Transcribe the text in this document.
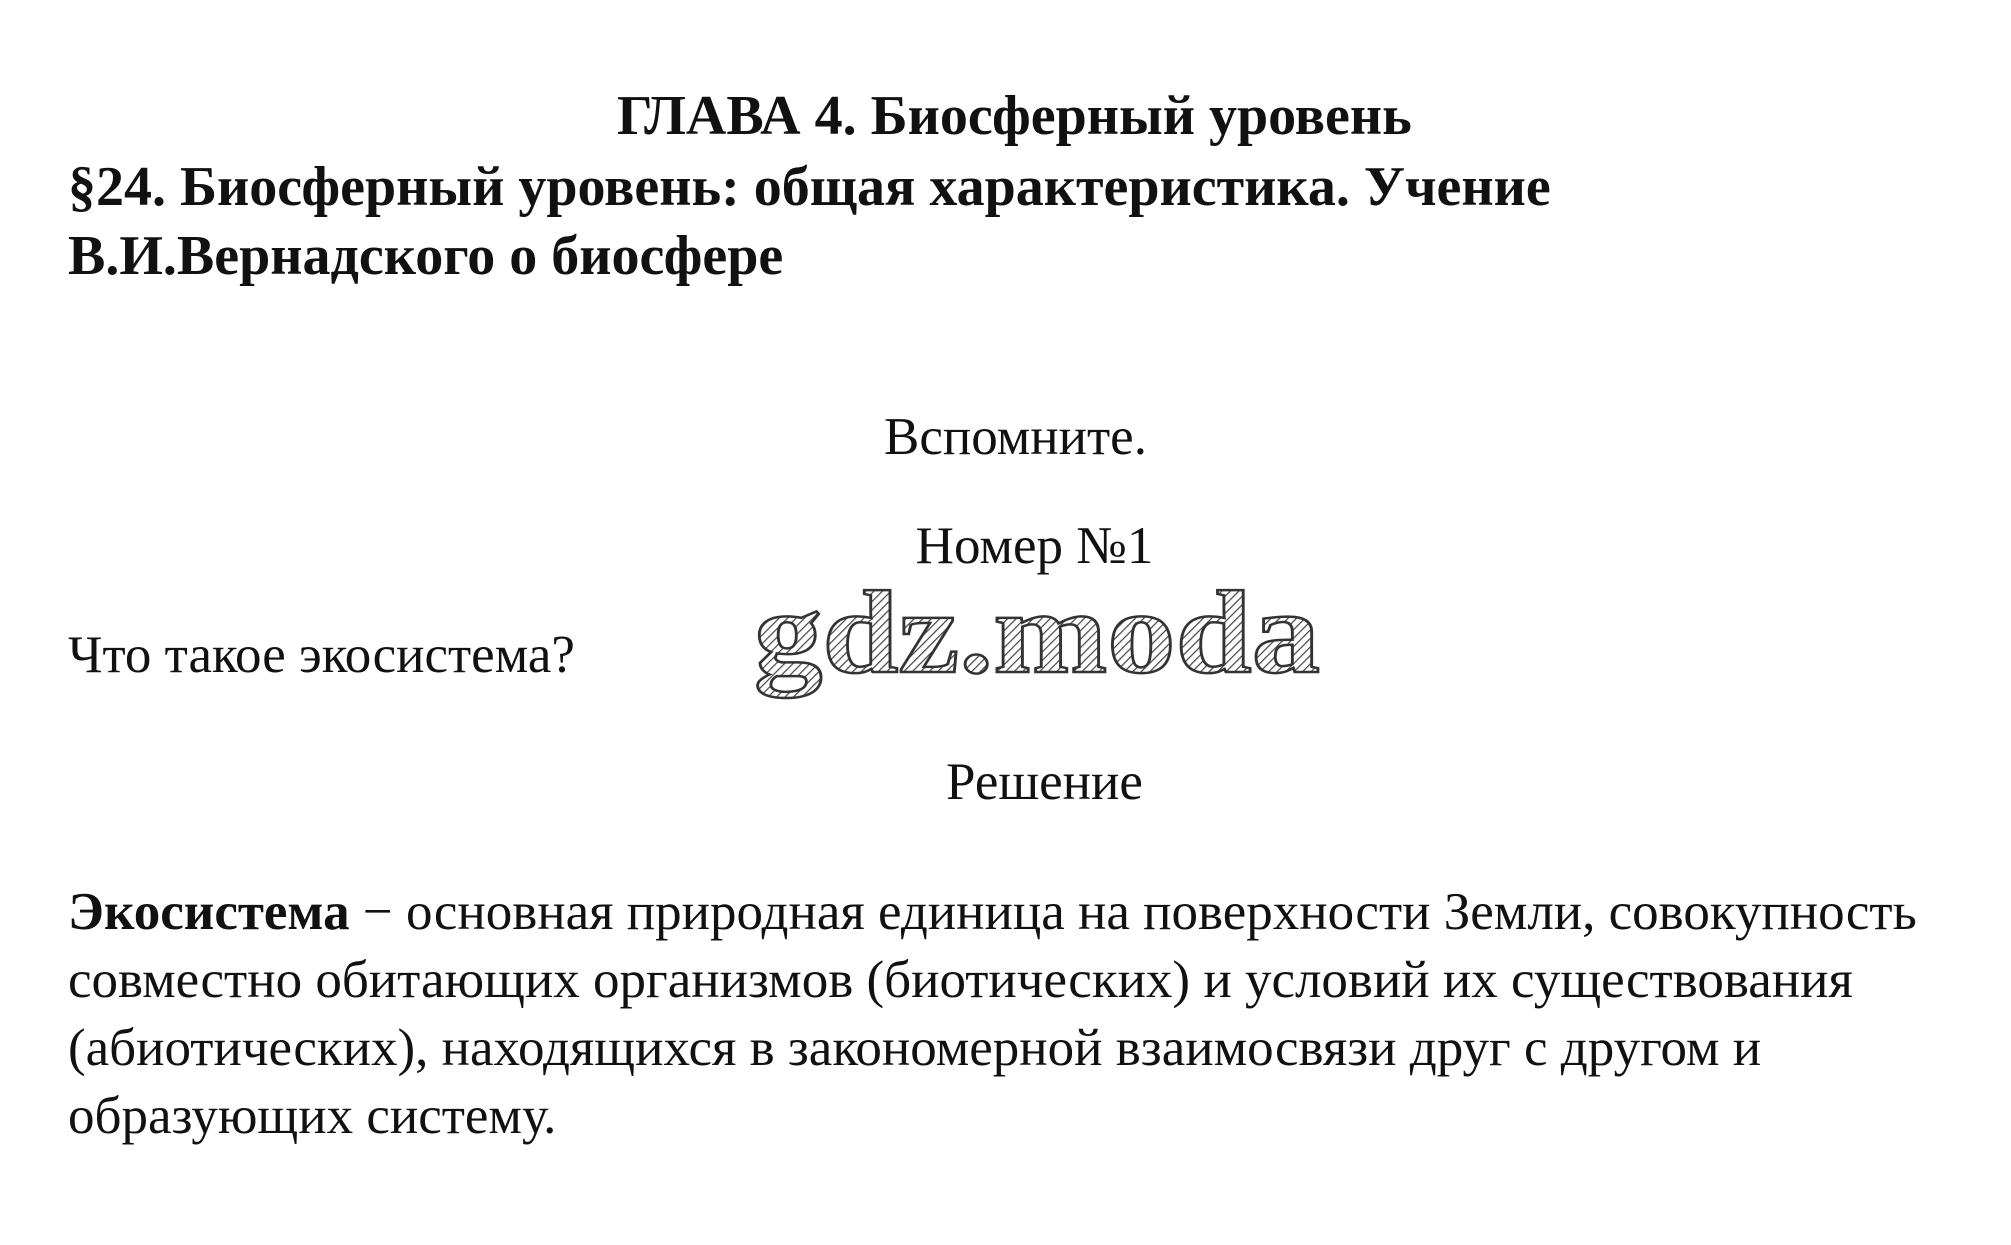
ГЛАВА 4. Биосферный уровень
§24. Биосферный уровень: общая характеристика. Учение В.И.Вернадского о биосфере
Вспомните.
Номер №1
Что такое экосистема? gdz.moda
Решение

Экосистема − основная природная единица на поверхности Земли, совокупность совместно обитающих организмов (биотических) и условий их существования (абиотических), находящихся в закономерной взаимосвязи друг с другом и образующих систему.
